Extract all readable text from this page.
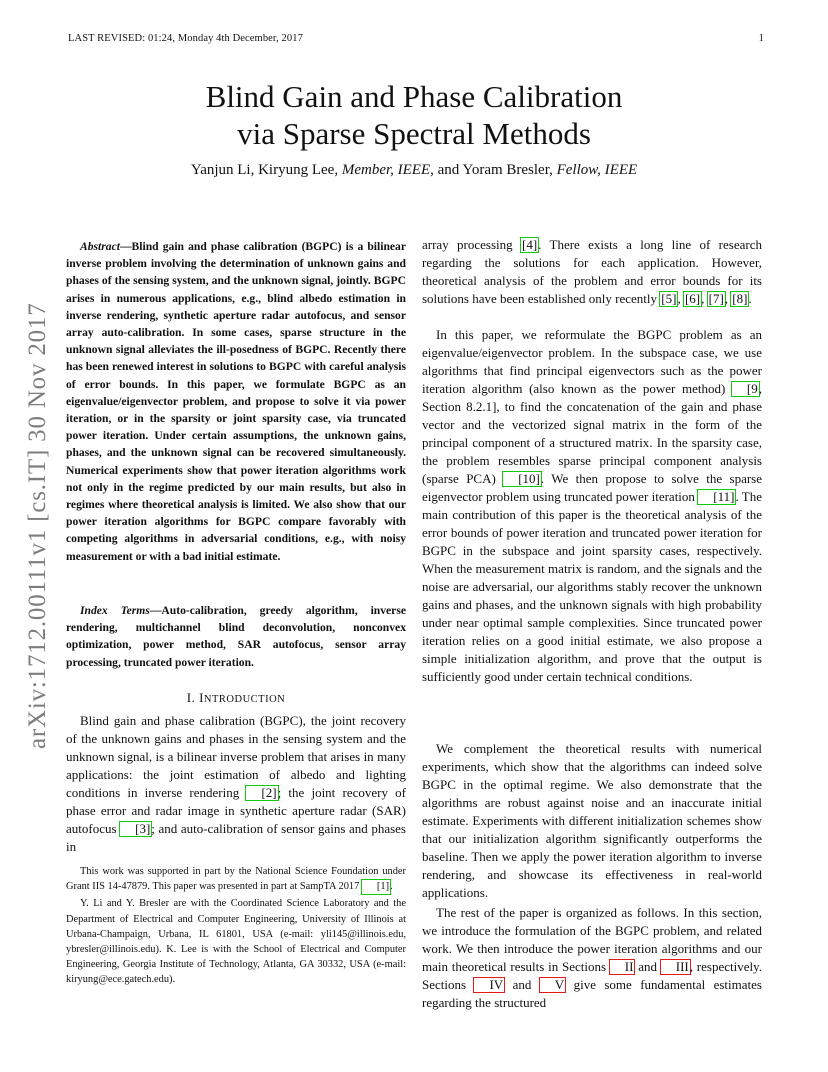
LAST REVISED: 01:24, Monday 4th December, 2017	1
Blind Gain and Phase Calibration
via Sparse Spectral Methods
Yanjun Li, Kiryung Lee, Member, IEEE, and Yoram Bresler, Fellow, IEEE
arXiv:1712.00111v1 [cs.IT] 30 Nov 2017

Abstract—Blind gain and phase calibration (BGPC) is a bilinear inverse problem involving the determination of unknown gains and phases of the sensing system, and the unknown signal, jointly. BGPC arises in numerous applications, e.g., blind albedo estimation in inverse rendering, synthetic aperture radar autofocus, and sensor array auto-calibration. In some cases, sparse structure in the unknown signal alleviates the ill-posedness of BGPC. Recently there has been renewed interest in solutions to BGPC with careful analysis of error bounds. In this paper, we formulate BGPC as an eigenvalue/eigenvector problem, and propose to solve it via power iteration, or in the sparsity or joint sparsity case, via truncated power iteration. Under certain assumptions, the unknown gains, phases, and the unknown signal can be recovered simultaneously. Numerical experiments show that power iteration algorithms work not only in the regime predicted by our main results, but also in regimes where theoretical analysis is limited. We also show that our power iteration algorithms for BGPC compare favorably with competing algorithms in adversarial conditions, e.g., with noisy measurement or with a bad initial estimate.

Index Terms—Auto-calibration, greedy algorithm, inverse rendering, multichannel blind deconvolution, nonconvex optimization, power method, SAR autofocus, sensor array processing, truncated power iteration.

I. INTRODUCTION

Blind gain and phase calibration (BGPC), the joint recovery of the unknown gains and phases in the sensing system and the unknown signal, is a bilinear inverse problem that arises in many applications: the joint estimation of albedo and lighting conditions in inverse rendering [2]; the joint recovery of phase error and radar image in synthetic aperture radar (SAR) autofocus [3]; and auto-calibration of sensor gains and phases in

This work was supported in part by the National Science Foundation under Grant IIS 14-47879. This paper was presented in part at SampTA 2017 [1].

Y. Li and Y. Bresler are with the Coordinated Science Laboratory and the Department of Electrical and Computer Engineering, University of Illinois at Urbana-Champaign, Urbana, IL 61801, USA (e-mail: yli145@illinois.edu, ybresler@illinois.edu). K. Lee is with the School of Electrical and Computer Engineering, Georgia Institute of Technology, Atlanta, GA 30332, USA (e-mail: kiryung@ece.gatech.edu).

array processing [4]. There exists a long line of research regarding the solutions for each application. However, theoretical analysis of the problem and error bounds for its solutions have been established only recently [5], [6], [7], [8].

In this paper, we reformulate the BGPC problem as an eigenvalue/eigenvector problem. In the subspace case, we use algorithms that find principal eigenvectors such as the power iteration algorithm (also known as the power method) [9, Section 8.2.1], to find the concatenation of the gain and phase vector and the vectorized signal matrix in the form of the principal component of a structured matrix. In the sparsity case, the problem resembles sparse principal component analysis (sparse PCA) [10]. We then propose to solve the sparse eigenvector problem using truncated power iteration [11]. The main contribution of this paper is the theoretical analysis of the error bounds of power iteration and truncated power iteration for BGPC in the subspace and joint sparsity cases, respectively. When the measurement matrix is random, and the signals and the noise are adversarial, our algorithms stably recover the unknown gains and phases, and the unknown signals with high probability under near optimal sample complexities. Since truncated power iteration relies on a good initial estimate, we also propose a simple initialization algorithm, and prove that the output is sufficiently good under certain technical conditions.

We complement the theoretical results with numerical experiments, which show that the algorithms can indeed solve BGPC in the optimal regime. We also demonstrate that the algorithms are robust against noise and an inaccurate initial estimate. Experiments with different initialization schemes show that our initialization algorithm significantly outperforms the baseline. Then we apply the power iteration algorithm to inverse rendering, and showcase its effectiveness in real-world applications.

The rest of the paper is organized as follows. In this section, we introduce the formulation of the BGPC problem, and related work. We then introduce the power iteration algorithms and our main theoretical results in Sections II and III, respectively. Sections IV and V give some fundamental estimates regarding the structured
